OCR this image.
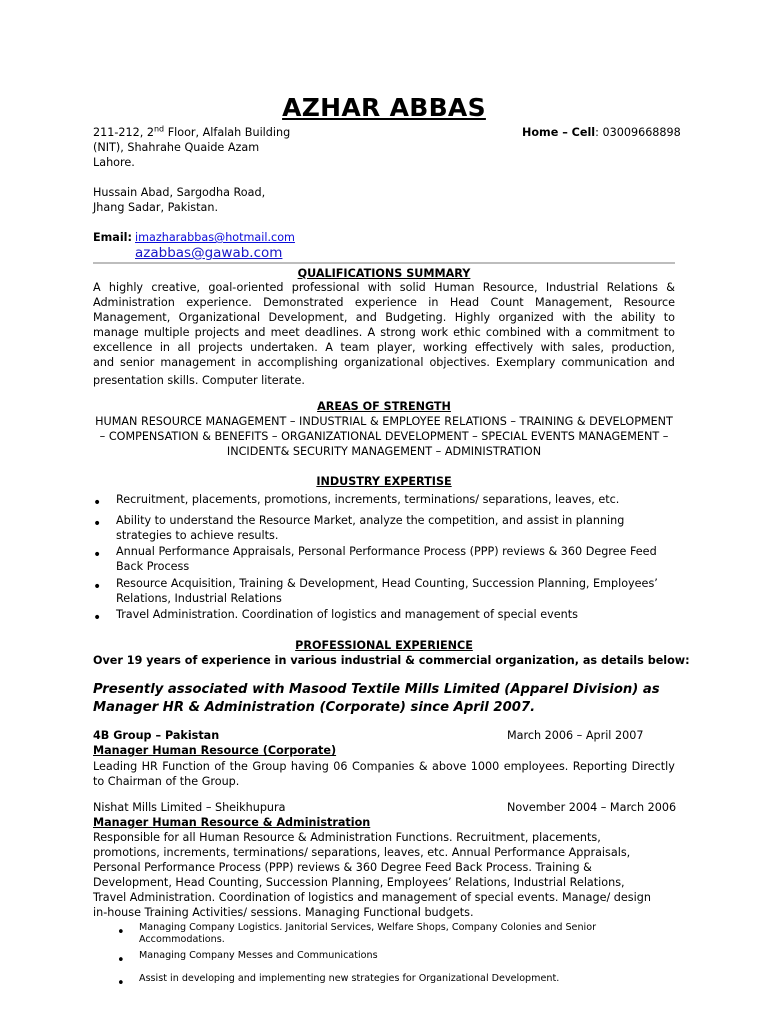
AZHAR ABBAS
211-212, 2nd Floor, Alfalah Building
(NIT), Shahrahe Quaide Azam
Lahore.
Hussain Abad, Sargodha Road,
Jhang Sadar, Pakistan.
Home – Cell: 03009668898
Email: imazharabbas@hotmail.com
azabbas@gawab.com
QUALIFICATIONS SUMMARY
A highly creative, goal-oriented professional with solid Human Resource, Industrial Relations &
Administration experience. Demonstrated experience in Head Count Management, Resource
Management, Organizational Development, and Budgeting. Highly organized with the ability to
manage multiple projects and meet deadlines. A strong work ethic combined with a commitment to
excellence in all projects undertaken. A team player, working effectively with sales, production,
and senior management in accomplishing organizational objectives. Exemplary communication and
presentation skills. Computer literate.
AREAS OF STRENGTH
HUMAN RESOURCE MANAGEMENT – INDUSTRIAL & EMPLOYEE RELATIONS – TRAINING & DEVELOPMENT
– COMPENSATION & BENEFITS – ORGANIZATIONAL DEVELOPMENT – SPECIAL EVENTS MANAGEMENT –
INCIDENT& SECURITY MANAGEMENT – ADMINISTRATION
INDUSTRY EXPERTISE
• Recruitment, placements, promotions, increments, terminations/ separations, leaves, etc.
• Ability to understand the Resource Market, analyze the competition, and assist in planning
strategies to achieve results.
• Annual Performance Appraisals, Personal Performance Process (PPP) reviews & 360 Degree Feed
Back Process
• Resource Acquisition, Training & Development, Head Counting, Succession Planning, Employees’
Relations, Industrial Relations
• Travel Administration. Coordination of logistics and management of special events
PROFESSIONAL EXPERIENCE
Over 19 years of experience in various industrial & commercial organization, as details below:
Presently associated with Masood Textile Mills Limited (Apparel Division) as
Manager HR & Administration (Corporate) since April 2007.
4B Group – Pakistan	March 2006 – April 2007
Manager Human Resource (Corporate)
Leading HR Function of the Group having 06 Companies & above 1000 employees. Reporting Directly
to Chairman of the Group.
Nishat Mills Limited – Sheikhupura	November 2004 – March 2006
Manager Human Resource & Administration
Responsible for all Human Resource & Administration Functions. Recruitment, placements,
promotions, increments, terminations/ separations, leaves, etc. Annual Performance Appraisals,
Personal Performance Process (PPP) reviews & 360 Degree Feed Back Process. Training &
Development, Head Counting, Succession Planning, Employees’ Relations, Industrial Relations,
Travel Administration. Coordination of logistics and management of special events. Manage/ design
in-house Training Activities/ sessions. Managing Functional budgets.
• Managing Company Logistics. Janitorial Services, Welfare Shops, Company Colonies and Senior
Accommodations.
• Managing Company Messes and Communications
• Assist in developing and implementing new strategies for Organizational Development.
